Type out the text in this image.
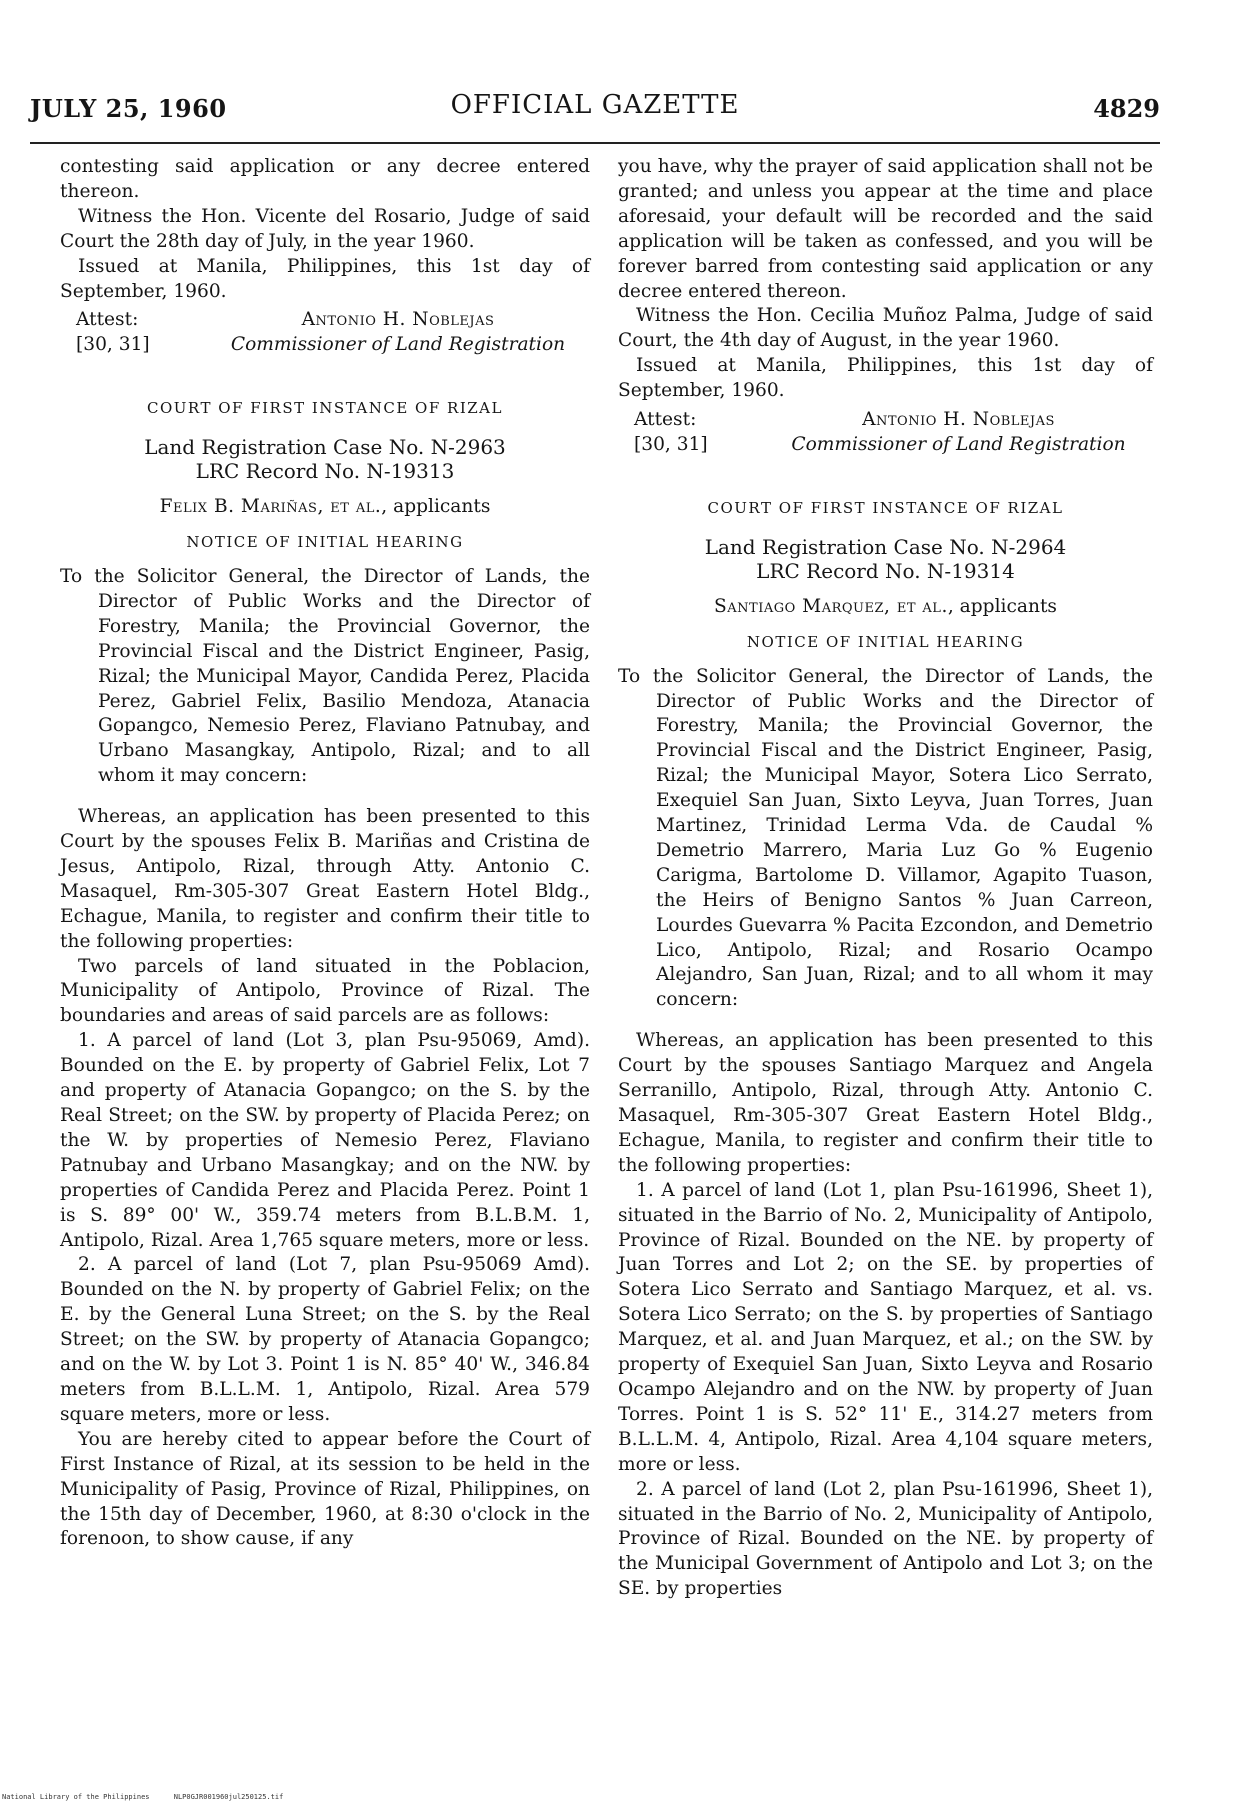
JULY 25, 1960	OFFICIAL GAZETTE	4829

contesting said application or any decree entered thereon.

Witness the Hon. Vicente del Rosario, Judge of said Court the 28th day of July, in the year 1960.

Issued at Manila, Philippines, this 1st day of September, 1960.

Attest:	Antonio H. Noblejas
[30, 31]	Commissioner of Land Registration
COURT OF FIRST INSTANCE OF RIZAL
Land Registration Case No. N-2963
LRC Record No. N-19313
Felix B. Mariñas, et al., applicants
NOTICE OF INITIAL HEARING

To the Solicitor General, the Director of Lands, the Director of Public Works and the Director of Forestry, Manila; the Provincial Governor, the Provincial Fiscal and the District Engineer, Pasig, Rizal; the Municipal Mayor, Candida Perez, Placida Perez, Gabriel Felix, Basilio Mendoza, Atanacia Gopangco, Nemesio Perez, Flaviano Patnubay, and Urbano Masangkay, Antipolo, Rizal; and to all whom it may concern:

Whereas, an application has been presented to this Court by the spouses Felix B. Mariñas and Cristina de Jesus, Antipolo, Rizal, through Atty. Antonio C. Masaquel, Rm-305-307 Great Eastern Hotel Bldg., Echague, Manila, to register and confirm their title to the following properties:

Two parcels of land situated in the Poblacion, Municipality of Antipolo, Province of Rizal. The boundaries and areas of said parcels are as follows:

1. A parcel of land (Lot 3, plan Psu-95069, Amd). Bounded on the E. by property of Gabriel Felix, Lot 7 and property of Atanacia Gopangco; on the S. by the Real Street; on the SW. by property of Placida Perez; on the W. by properties of Nemesio Perez, Flaviano Patnubay and Urbano Masangkay; and on the NW. by properties of Candida Perez and Placida Perez. Point 1 is S. 89° 00' W., 359.74 meters from B.L.B.M. 1, Antipolo, Rizal. Area 1,765 square meters, more or less.

2. A parcel of land (Lot 7, plan Psu-95069 Amd). Bounded on the N. by property of Gabriel Felix; on the E. by the General Luna Street; on the S. by the Real Street; on the SW. by property of Atanacia Gopangco; and on the W. by Lot 3. Point 1 is N. 85° 40' W., 346.84 meters from B.L.L.M. 1, Antipolo, Rizal. Area 579 square meters, more or less.

You are hereby cited to appear before the Court of First Instance of Rizal, at its session to be held in the Municipality of Pasig, Province of Rizal, Philippines, on the 15th day of December, 1960, at 8:30 o'clock in the forenoon, to show cause, if any

you have, why the prayer of said application shall not be granted; and unless you appear at the time and place aforesaid, your default will be recorded and the said application will be taken as confessed, and you will be forever barred from contesting said application or any decree entered thereon.

Witness the Hon. Cecilia Muñoz Palma, Judge of said Court, the 4th day of August, in the year 1960.

Issued at Manila, Philippines, this 1st day of September, 1960.

Attest:	Antonio H. Noblejas
[30, 31]	Commissioner of Land Registration
COURT OF FIRST INSTANCE OF RIZAL
Land Registration Case No. N-2964
LRC Record No. N-19314
Santiago Marquez, et al., applicants
NOTICE OF INITIAL HEARING

To the Solicitor General, the Director of Lands, the Director of Public Works and the Director of Forestry, Manila; the Provincial Governor, the Provincial Fiscal and the District Engineer, Pasig, Rizal; the Municipal Mayor, Sotera Lico Serrato, Exequiel San Juan, Sixto Leyva, Juan Torres, Juan Martinez, Trinidad Lerma Vda. de Caudal % Demetrio Marrero, Maria Luz Go % Eugenio Carigma, Bartolome D. Villamor, Agapito Tuason, the Heirs of Benigno Santos % Juan Carreon, Lourdes Guevarra % Pacita Ezcondon, and Demetrio Lico, Antipolo, Rizal; and Rosario Ocampo Alejandro, San Juan, Rizal; and to all whom it may concern:

Whereas, an application has been presented to this Court by the spouses Santiago Marquez and Angela Serranillo, Antipolo, Rizal, through Atty. Antonio C. Masaquel, Rm-305-307 Great Eastern Hotel Bldg., Echague, Manila, to register and confirm their title to the following properties:

1. A parcel of land (Lot 1, plan Psu-161996, Sheet 1), situated in the Barrio of No. 2, Municipality of Antipolo, Province of Rizal. Bounded on the NE. by property of Juan Torres and Lot 2; on the SE. by properties of Sotera Lico Serrato and Santiago Marquez, et al. vs. Sotera Lico Serrato; on the S. by properties of Santiago Marquez, et al. and Juan Marquez, et al.; on the SW. by property of Exequiel San Juan, Sixto Leyva and Rosario Ocampo Alejandro and on the NW. by property of Juan Torres. Point 1 is S. 52° 11' E., 314.27 meters from B.L.L.M. 4, Antipolo, Rizal. Area 4,104 square meters, more or less.

2. A parcel of land (Lot 2, plan Psu-161996, Sheet 1), situated in the Barrio of No. 2, Municipality of Antipolo, Province of Rizal. Bounded on the NE. by property of the Municipal Government of Antipolo and Lot 3; on the SE. by properties

National Library of the Philippines	NLP0GJR001960jul250125.tif
